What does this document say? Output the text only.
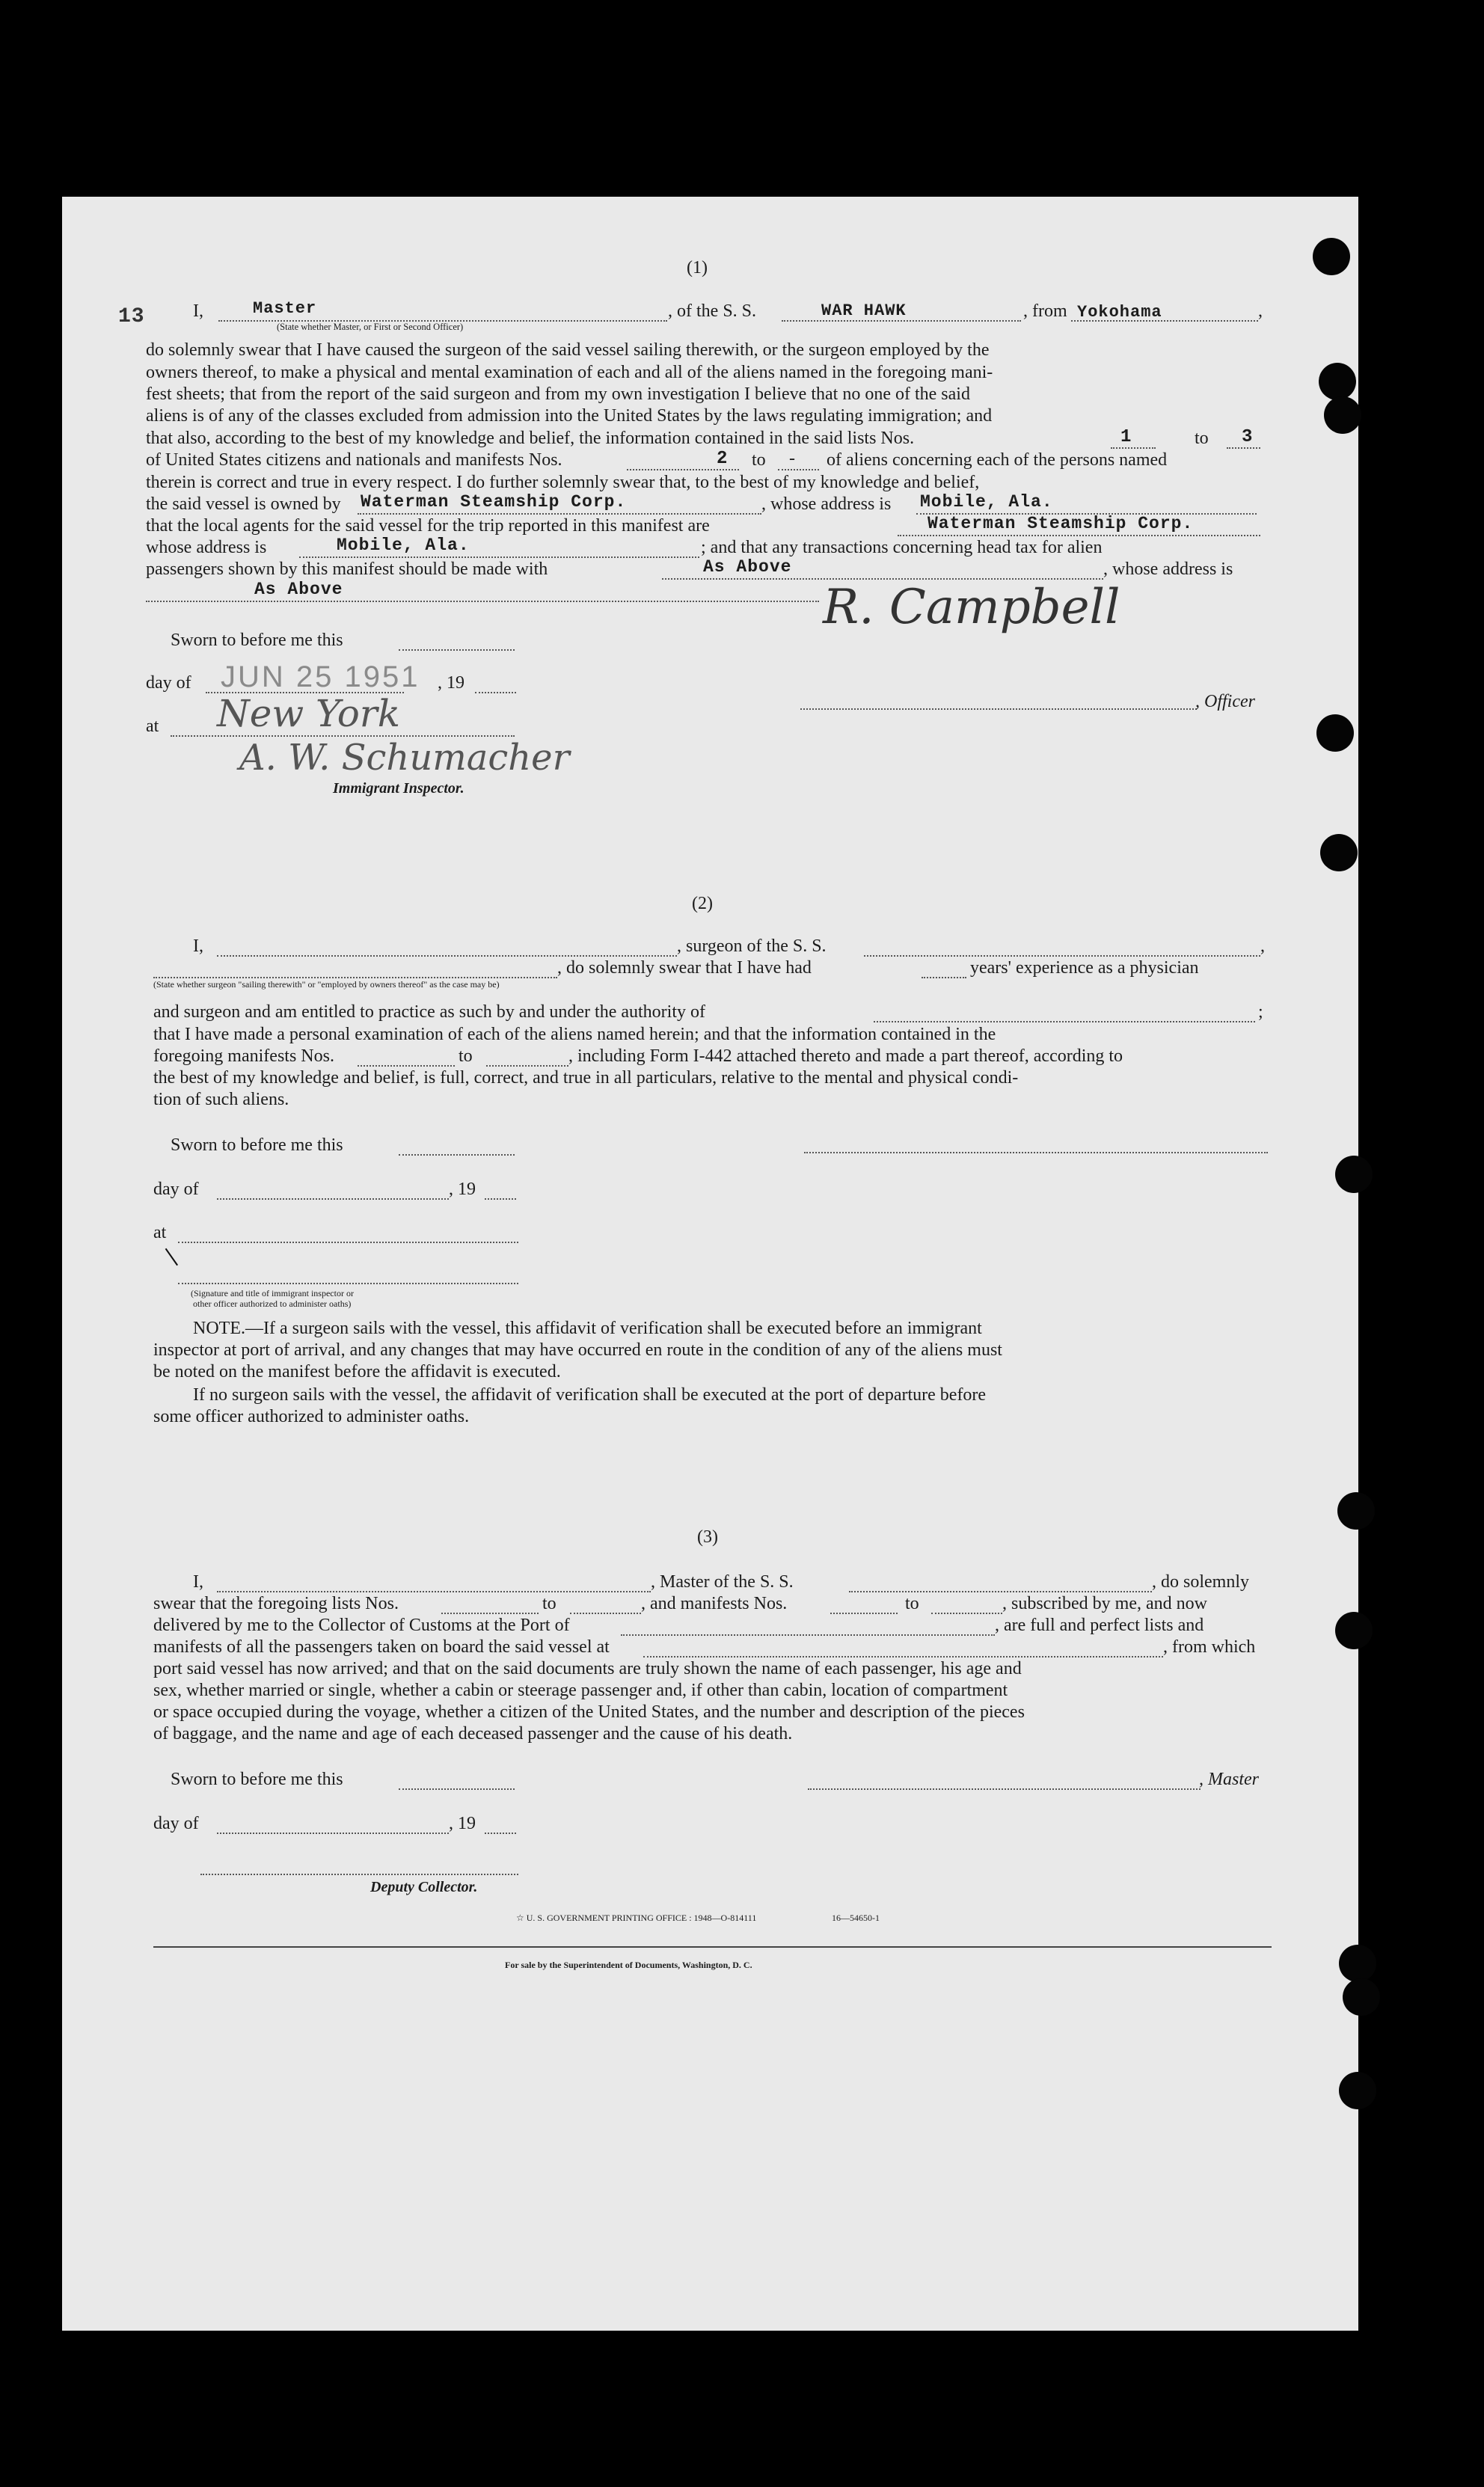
13
(1)
I,	Master
(State whether Master, or First or Second Officer)
, of the S. S.	WAR HAWK	, from Yokohama	,
do solemnly swear that I have caused the surgeon of the said vessel sailing therewith, or the surgeon employed by the
owners thereof, to make a physical and mental examination of each and all of the aliens named in the foregoing mani-
fest sheets; that from the report of the said surgeon and from my own investigation I believe that no one of the said
aliens is of any of the classes excluded from admission into the United States by the laws regulating immigration; and
that also, according to the best of my knowledge and belief, the information contained in the said lists Nos.	1	to 3
of United States citizens and nationals and manifests Nos.	2 to - of aliens concerning each of the persons named
therein is correct and true in every respect. I do further solemnly swear that, to the best of my knowledge and belief,
the said vessel is owned by Waterman Steamship Corp.	, whose address is Mobile, Ala.
that the local agents for the said vessel for the trip reported in this manifest are	Waterman Steamship Corp.
whose address is	Mobile, Ala.	; and that any transactions concerning head tax for alien
passengers shown by this manifest should be made with	As Above	, whose address is
As Above	R. Campbell
, Officer
Sworn to before me this
day of JUN 25 1951 , 19
at New York
A. W. Schumacher
Immigrant Inspector.
(2)
I,	, surgeon of the S. S.	,
, do solemnly swear that I have had	years' experience as a physician
(State whether surgeon "sailing therewith" or "employed by owners thereof" as the case may be)
and surgeon and am entitled to practice as such by and under the authority of	;
that I have made a personal examination of each of the aliens named herein; and that the information contained in the
foregoing manifests Nos.	to	, including Form I-442 attached thereto and made a part thereof, according to
the best of my knowledge and belief, is full, correct, and true in all particulars, relative to the mental and physical condi-
tion of such aliens.
Sworn to before me this
day of	, 19
at
|
(Signature and title of immigrant inspector or
other officer authorized to administer oaths)
NOTE.—If a surgeon sails with the vessel, this affidavit of verification shall be executed before an immigrant
inspector at port of arrival, and any changes that may have occurred en route in the condition of any of the aliens must
be noted on the manifest before the affidavit is executed.
If no surgeon sails with the vessel, the affidavit of verification shall be executed at the port of departure before
some officer authorized to administer oaths.
(3)
I,	, Master of the S. S.	, do solemnly
swear that the foregoing lists Nos.	to	, and manifests Nos.	to	, subscribed by me, and now
delivered by me to the Collector of Customs at the Port of	, are full and perfect lists and
manifests of all the passengers taken on board the said vessel at	, from which
port said vessel has now arrived; and that on the said documents are truly shown the name of each passenger, his age and
sex, whether married or single, whether a cabin or steerage passenger and, if other than cabin, location of compartment
or space occupied during the voyage, whether a citizen of the United States, and the number and description of the pieces
of baggage, and the name and age of each deceased passenger and the cause of his death.
Sworn to before me this	, Master
day of	, 19
Deputy Collector.
☆ U. S. GOVERNMENT PRINTING OFFICE : 1948—O-814111	16—54650-1
For sale by the Superintendent of Documents, Washington, D. C.
